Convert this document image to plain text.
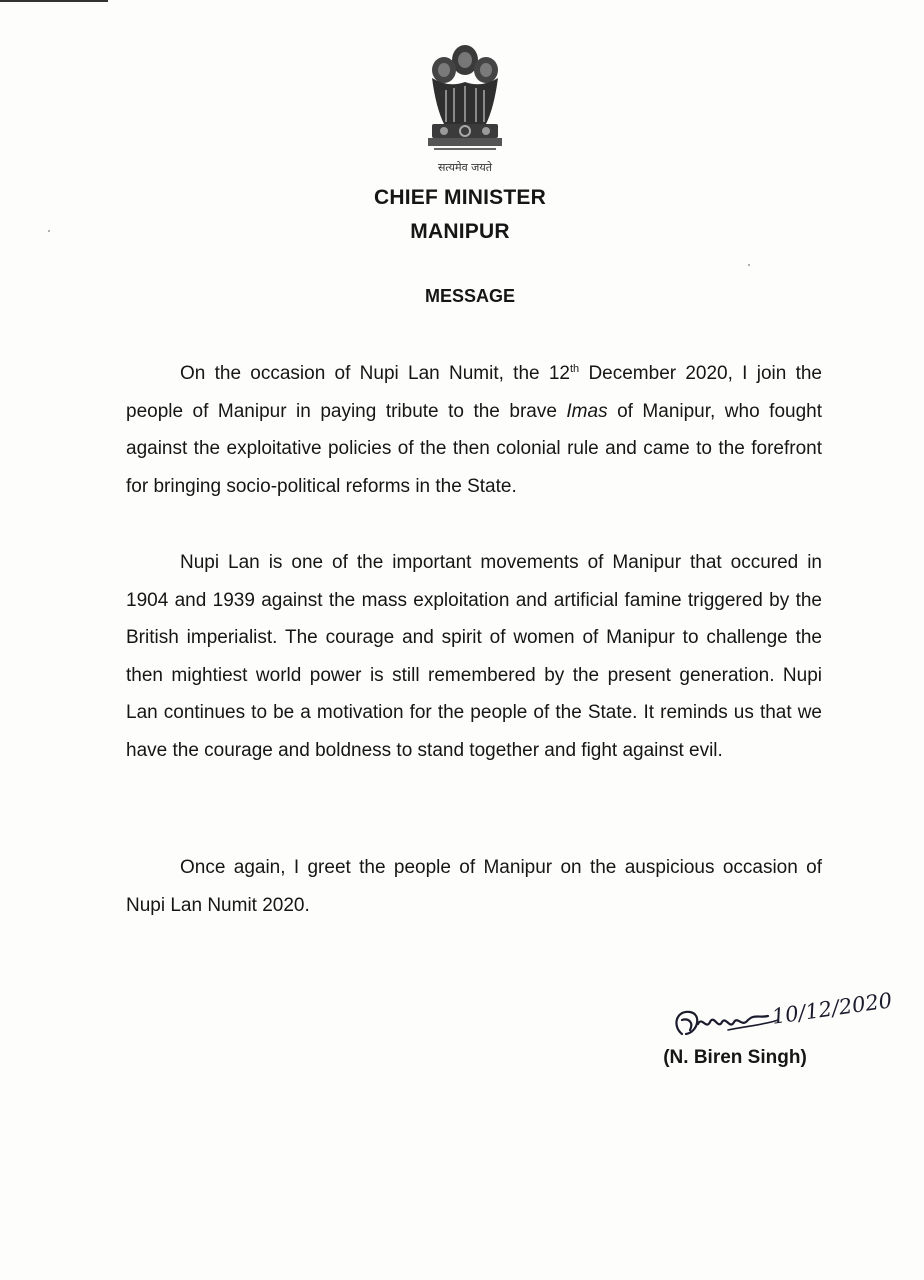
सत्यमेव जयते
CHIEF MINISTER
MANIPUR
MESSAGE
On the occasion of Nupi Lan Numit, the 12th December 2020, I join the people of Manipur in paying tribute to the brave Imas of Manipur, who fought against the exploitative policies of the then colonial rule and came to the forefront for bringing socio-political reforms in the State.
Nupi Lan is one of the important movements of Manipur that occured in 1904 and 1939 against the mass exploitation and artificial famine triggered by the British imperialist. The courage and spirit of women of Manipur to challenge the then mightiest world power is still remembered by the present generation. Nupi Lan continues to be a motivation for the people of the State. It reminds us that we have the courage and boldness to stand together and fight against evil.
Once again, I greet the people of Manipur on the auspicious occasion of Nupi Lan Numit 2020.
10/12/2020
(N. Biren Singh)
